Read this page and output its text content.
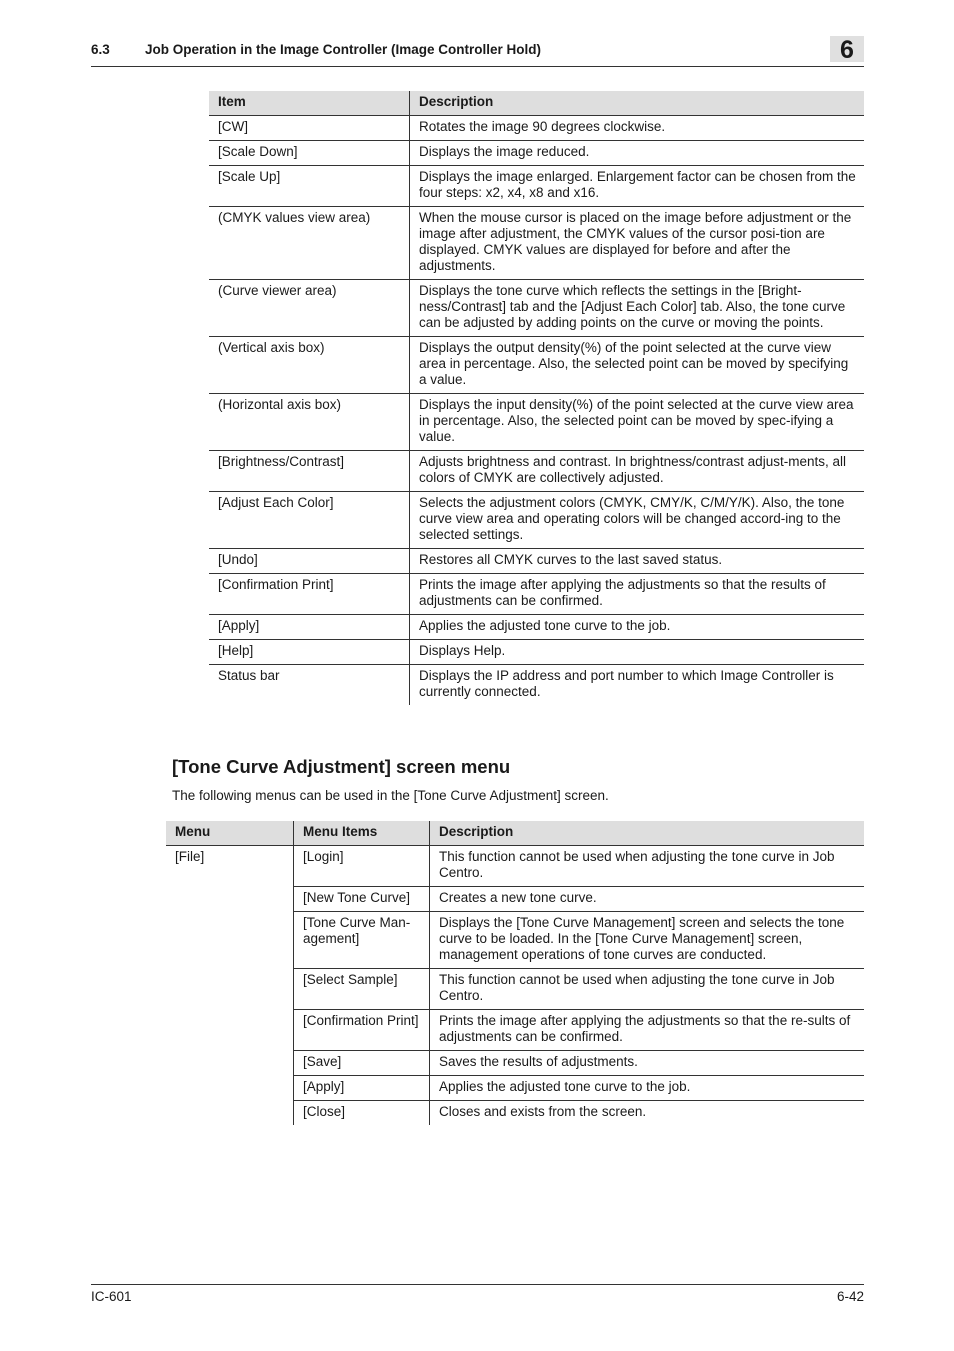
6.3	Job Operation in the Image Controller (Image Controller Hold)	6
Item	Description
[CW]	Rotates the image 90 degrees clockwise.
[Scale Down]	Displays the image reduced.
[Scale Up]	Displays the image enlarged. Enlargement factor can be chosen from the four steps: x2, x4, x8 and x16.
(CMYK values view area)	When the mouse cursor is placed on the image before adjustment or the image after adjustment, the CMYK values of the cursor posi-tion are displayed. CMYK values are displayed for before and after the adjustments.
(Curve viewer area)	Displays the tone curve which reflects the settings in the [Bright-ness/Contrast] tab and the [Adjust Each Color] tab. Also, the tone curve can be adjusted by adding points on the curve or moving the points.
(Vertical axis box)	Displays the output density(%) of the point selected at the curve view area in percentage. Also, the selected point can be moved by specifying a value.
(Horizontal axis box)	Displays the input density(%) of the point selected at the curve view area in percentage. Also, the selected point can be moved by spec-ifying a value.
[Brightness/Contrast]	Adjusts brightness and contrast. In brightness/contrast adjust-ments, all colors of CMYK are collectively adjusted.
[Adjust Each Color]	Selects the adjustment colors (CMYK, CMY/K, C/M/Y/K). Also, the tone curve view area and operating colors will be changed accord-ing to the selected settings.
[Undo]	Restores all CMYK curves to the last saved status.
[Confirmation Print]	Prints the image after applying the adjustments so that the results of adjustments can be confirmed.
[Apply]	Applies the adjusted tone curve to the job.
[Help]	Displays Help.
Status bar	Displays the IP address and port number to which Image Controller is currently connected.
[Tone Curve Adjustment] screen menu

The following menus can be used in the [Tone Curve Adjustment] screen.

Menu	Menu Items	Description
[File]	[Login]	This function cannot be used when adjusting the tone curve in Job Centro.
	[New Tone Curve]	Creates a new tone curve.
	[Tone Curve Man-agement]	Displays the [Tone Curve Management] screen and selects the tone curve to be loaded. In the [Tone Curve Management] screen, management operations of tone curves are conducted.
	[Select Sample]	This function cannot be used when adjusting the tone curve in Job Centro.
	[Confirmation Print]	Prints the image after applying the adjustments so that the re-sults of adjustments can be confirmed.
	[Save]	Saves the results of adjustments.
	[Apply]	Applies the adjusted tone curve to the job.
	[Close]	Closes and exists from the screen.
IC-601	6-42
